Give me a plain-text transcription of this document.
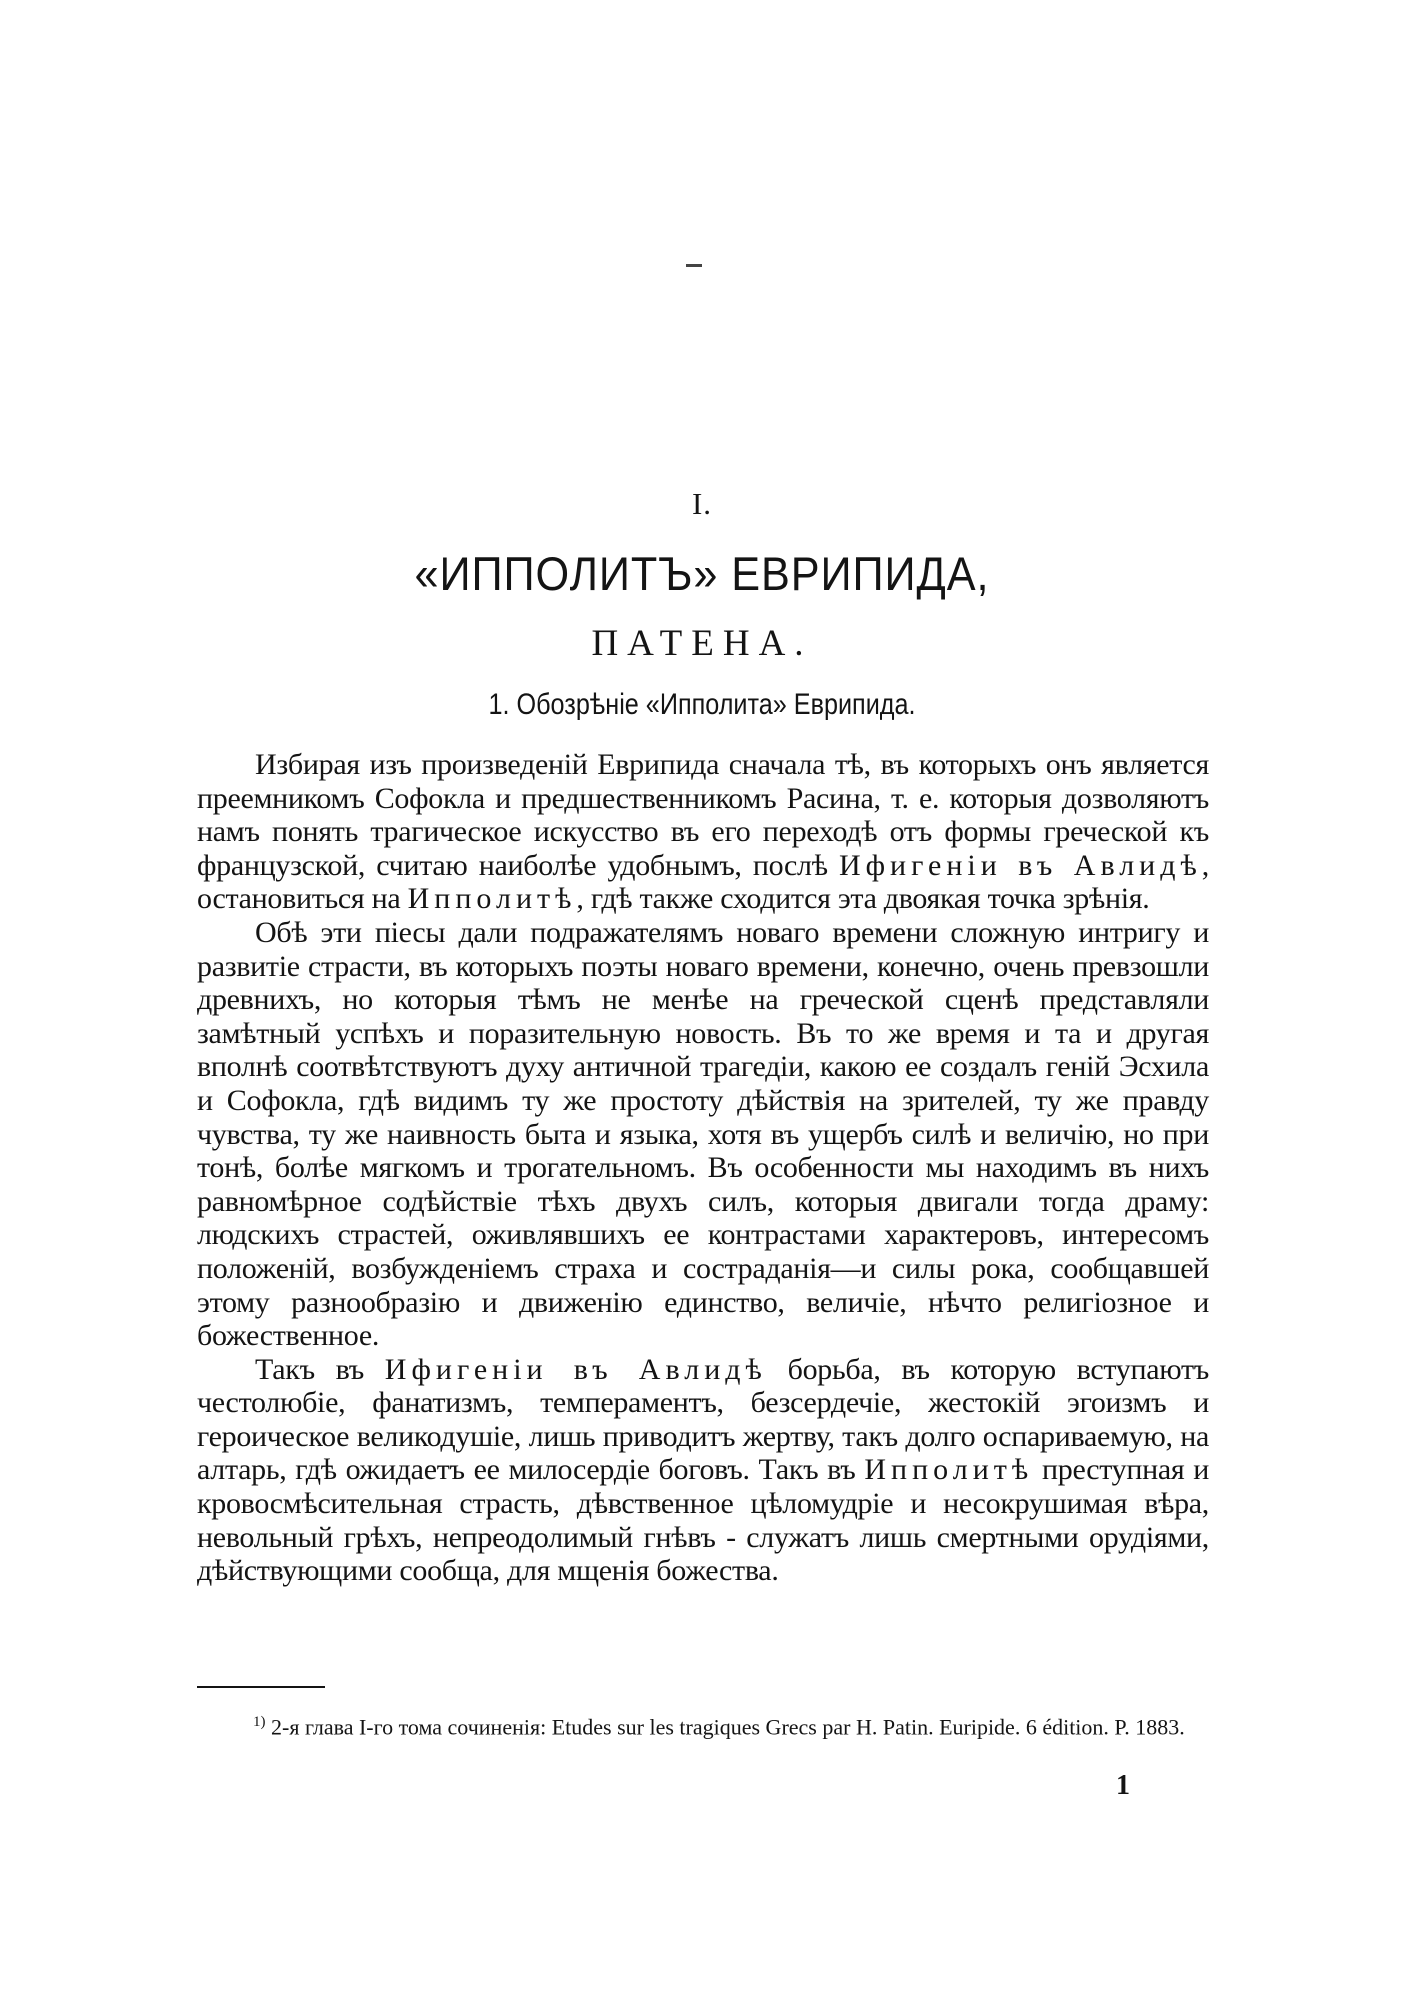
I.
«ИППОЛИТЪ» ЕВРИПИДА,
ПАТЕНА.
1. Обозрѣніе «Ипполита» Еврипида.

Избирая изъ произведеній Еврипида сначала тѣ, въ которыхъ онъ является преемникомъ Софокла и предшественникомъ Расина, т. е. которыя дозволяютъ намъ понять трагическое искусство въ его переходѣ отъ формы греческой къ французской, считаю наиболѣе удобнымъ, послѣ Ифигеніи въ Авлидѣ, остановиться на Ипполитѣ, гдѣ также сходится эта двоякая точка зрѣнія.

Обѣ эти піесы дали подражателямъ новаго времени сложную интригу и развитіе страсти, въ которыхъ поэты новаго времени, конечно, очень превзошли древнихъ, но которыя тѣмъ не менѣе на греческой сценѣ представляли замѣтный успѣхъ и поразительную новость. Въ то же время и та и другая вполнѣ соотвѣтствуютъ духу античной трагедіи, какою ее создалъ геній Эсхила и Софокла, гдѣ видимъ ту же простоту дѣйствія на зрителей, ту же правду чувства, ту же наивность быта и языка, хотя въ ущербъ силѣ и величію, но при тонѣ, болѣе мягкомъ и трогательномъ. Въ особенности мы находимъ въ нихъ равномѣрное содѣйствіе тѣхъ двухъ силъ, которыя двигали тогда драму: людскихъ страстей, оживлявшихъ ее контрастами характеровъ, интересомъ положеній, возбужденіемъ страха и состраданія—и силы рока, сообщавшей этому разнообразію и движенію единство, величіе, нѣчто религіозное и божественное.

Такъ въ Ифигеніи въ Авлидѣ борьба, въ которую вступаютъ честолюбіе, фанатизмъ, темпераментъ, безсердечіе, жестокій эгоизмъ и героическое великодушіе, лишь приводитъ жертву, такъ долго оспариваемую, на алтарь, гдѣ ожидаетъ ее милосердіе боговъ. Такъ въ Ипполитѣ преступная и кровосмѣсительная страсть, дѣвственное цѣломудріе и несокрушимая вѣра, невольный грѣхъ, непреодолимый гнѣвъ - служатъ лишь смертными орудіями, дѣйствующими сообща, для мщенія божества.

$^{1)}$ 2-я глава I-го тома сочиненія: Etudes sur les tragiques Grecs par H. Patin. Euripide. 6 édition. P. 1883.
1
